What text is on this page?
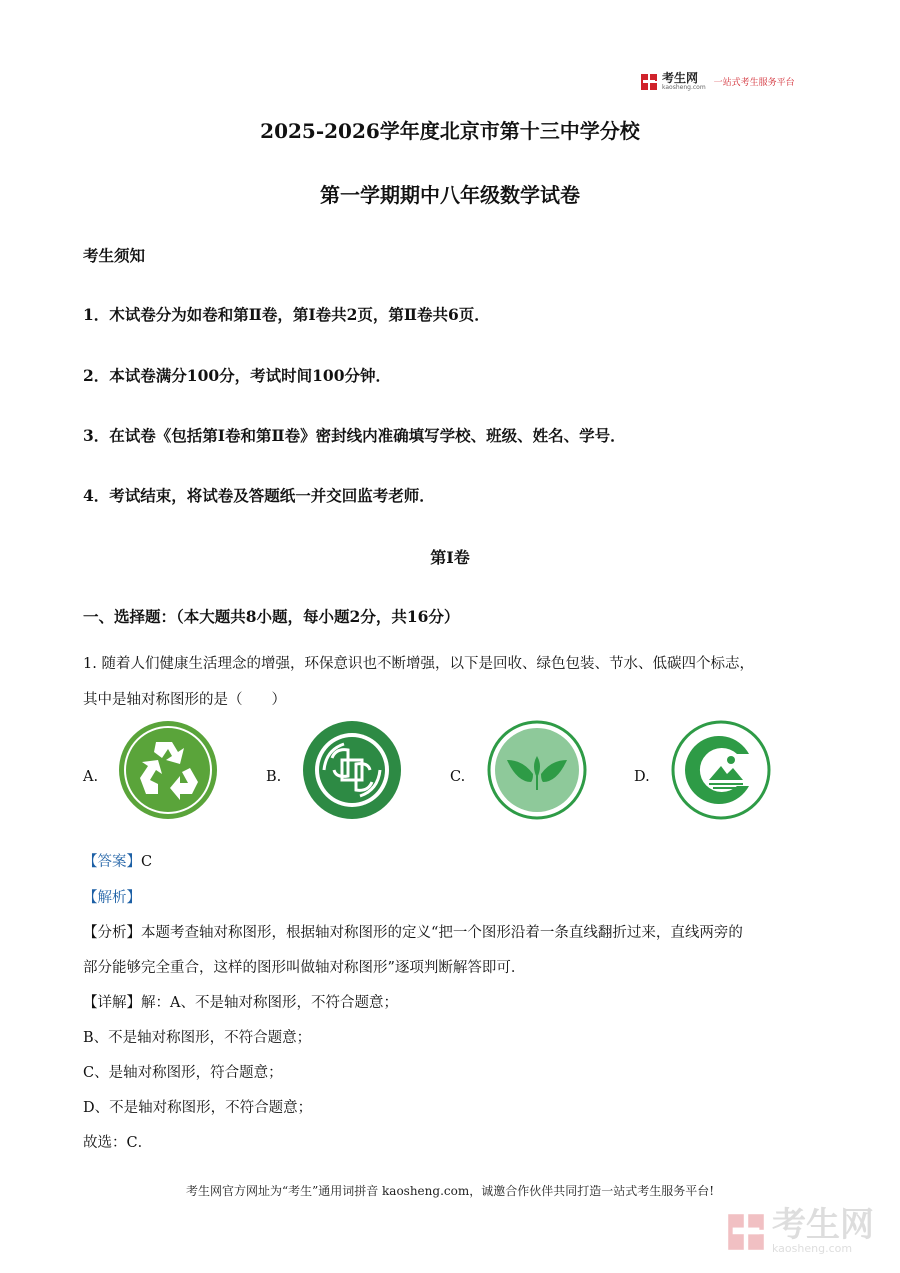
考生网
kaosheng.com 一站式考生服务平台
2025-2026学年度北京市第十三中学分校
第一学期期中八年级数学试卷
考生须知
1．木试卷分为如卷和第Ⅱ卷，第Ⅰ卷共2页，第Ⅱ卷共6页．
2．本试卷满分100分，考试时间100分钟．
3．在试卷《包括第Ⅰ卷和第Ⅱ卷》密封线内准确填写学校、班级、姓名、学号．
4．考试结束，将试卷及答题纸一并交回监考老师．
第Ⅰ卷
一、选择题：（本大题共8小题，每小题2分，共16分）
1. 随着人们健康生活理念的增强，环保意识也不断增强，以下是回收、绿色包装、节水、低碳四个标志，
其中是轴对称图形的是（　　）
A.	B.	C.	D.
【答案】C
【解析】
【分析】本题考查轴对称图形，根据轴对称图形的定义“把一个图形沿着一条直线翻折过来，直线两旁的
部分能够完全重合，这样的图形叫做轴对称图形”逐项判断解答即可．
【详解】解：A、不是轴对称图形，不符合题意；
B、不是轴对称图形，不符合题意；
C、是轴对称图形，符合题意；
D、不是轴对称图形，不符合题意；
故选：C．
考生网官方网址为“考生”通用词拼音 kaosheng.com，诚邀合作伙伴共同打造一站式考生服务平台!
考生网
kaosheng.com
